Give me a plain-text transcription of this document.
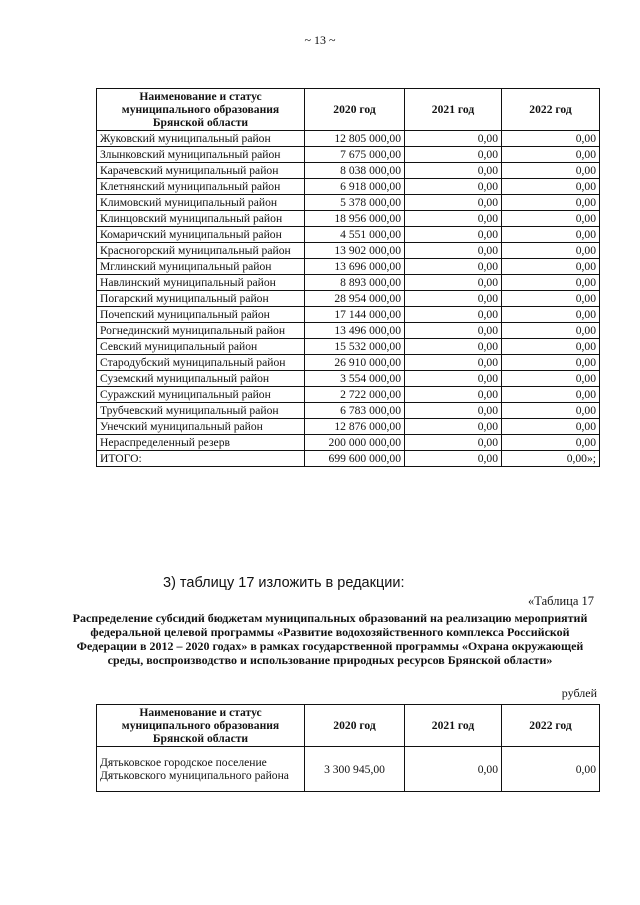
~ 13 ~
Наименование и статус муниципального образования Брянской области	2020 год	2021 год	2022 год
Жуковский муниципальный район	12 805 000,00	0,00	0,00
Злынковский муниципальный район	7 675 000,00	0,00	0,00
Карачевский муниципальный район	8 038 000,00	0,00	0,00
Клетнянский муниципальный район	6 918 000,00	0,00	0,00
Климовский муниципальный район	5 378 000,00	0,00	0,00
Клинцовский муниципальный район	18 956 000,00	0,00	0,00
Комаричский муниципальный район	4 551 000,00	0,00	0,00
Красногорский муниципальный район	13 902 000,00	0,00	0,00
Мглинский муниципальный район	13 696 000,00	0,00	0,00
Навлинский муниципальный район	8 893 000,00	0,00	0,00
Погарский муниципальный район	28 954 000,00	0,00	0,00
Почепский муниципальный район	17 144 000,00	0,00	0,00
Рогнединский муниципальный район	13 496 000,00	0,00	0,00
Севский муниципальный район	15 532 000,00	0,00	0,00
Стародубский муниципальный район	26 910 000,00	0,00	0,00
Суземский муниципальный район	3 554 000,00	0,00	0,00
Суражский муниципальный район	2 722 000,00	0,00	0,00
Трубчевский муниципальный район	6 783 000,00	0,00	0,00
Унечский муниципальный район	12 876 000,00	0,00	0,00
Нераспределенный резерв	200 000 000,00	0,00	0,00
ИТОГО:	699 600 000,00	0,00	0,00»;
3) таблицу 17 изложить в редакции:
«Таблица 17
Распределение субсидий бюджетам муниципальных образований на реализацию мероприятий федеральной целевой программы «Развитие водохозяйственного комплекса Российской Федерации в 2012 – 2020 годах» в рамках государственной программы «Охрана окружающей среды, воспроизводство и использование природных ресурсов Брянской области»
рублей
Наименование и статус муниципального образования Брянской области	2020 год	2021 год	2022 год
Дятьковское городское поселение Дятьковского муниципального района	3 300 945,00	0,00	0,00
